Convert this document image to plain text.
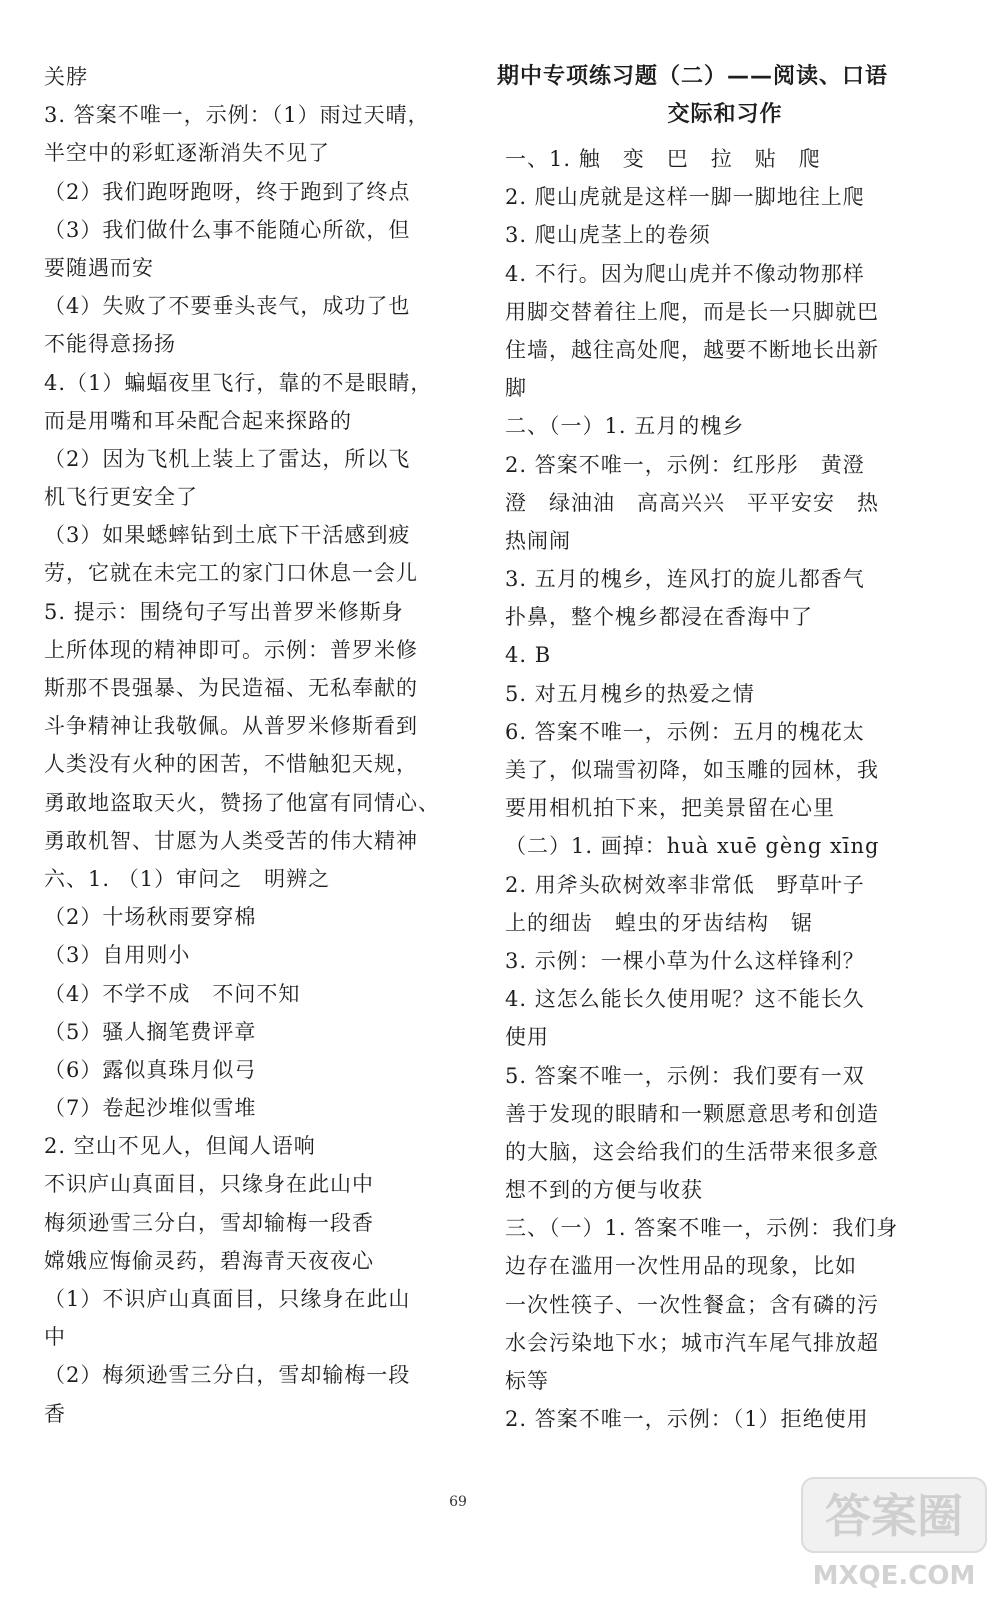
关脖
3. 答案不唯一，示例：（1）雨过天晴，
半空中的彩虹逐渐消失不见了
（2）我们跑呀跑呀，终于跑到了终点
（3）我们做什么事不能随心所欲，但
要随遇而安
（4）失败了不要垂头丧气，成功了也
不能得意扬扬
4.（1）蝙蝠夜里飞行，靠的不是眼睛，
而是用嘴和耳朵配合起来探路的
（2）因为飞机上装上了雷达，所以飞
机飞行更安全了
（3）如果蟋蟀钻到土底下干活感到疲
劳，它就在未完工的家门口休息一会儿
5. 提示：围绕句子写出普罗米修斯身
上所体现的精神即可。示例：普罗米修
斯那不畏强暴、为民造福、无私奉献的
斗争精神让我敬佩。从普罗米修斯看到
人类没有火种的困苦，不惜触犯天规，
勇敢地盗取天火，赞扬了他富有同情心、
勇敢机智、甘愿为人类受苦的伟大精神
六、1. （1）审问之　明辨之
（2）十场秋雨要穿棉
（3）自用则小
（4）不学不成　不问不知
（5）骚人搁笔费评章
（6）露似真珠月似弓
（7）卷起沙堆似雪堆
2. 空山不见人，但闻人语响
不识庐山真面目，只缘身在此山中
梅须逊雪三分白，雪却输梅一段香
嫦娥应悔偷灵药，碧海青天夜夜心
（1）不识庐山真面目，只缘身在此山
中
（2）梅须逊雪三分白，雪却输梅一段
香
期中专项练习题（二）——阅读、口语
交际和习作
一、1. 触　变　巴　拉　贴　爬
2. 爬山虎就是这样一脚一脚地往上爬
3. 爬山虎茎上的卷须
4. 不行。因为爬山虎并不像动物那样
用脚交替着往上爬，而是长一只脚就巴
住墙，越往高处爬，越要不断地长出新
脚
二、（一）1. 五月的槐乡
2. 答案不唯一，示例：红彤彤　黄澄
澄　绿油油　高高兴兴　平平安安　热
热闹闹
3. 五月的槐乡，连风打的旋儿都香气
扑鼻，整个槐乡都浸在香海中了
4. B
5. 对五月槐乡的热爱之情
6. 答案不唯一，示例：五月的槐花太
美了，似瑞雪初降，如玉雕的园林，我
要用相机拍下来，把美景留在心里
（二）1. 画掉：huà xuē gèng xīng
2. 用斧头砍树效率非常低　野草叶子
上的细齿　蝗虫的牙齿结构　锯
3. 示例：一棵小草为什么这样锋利？
4. 这怎么能长久使用呢？这不能长久
使用
5. 答案不唯一，示例：我们要有一双
善于发现的眼睛和一颗愿意思考和创造
的大脑，这会给我们的生活带来很多意
想不到的方便与收获
三、（一）1. 答案不唯一，示例：我们身
边存在滥用一次性用品的现象，比如
一次性筷子、一次性餐盒；含有磷的污
水会污染地下水；城市汽车尾气排放超
标等
2. 答案不唯一，示例：（1）拒绝使用
69	答案圈
MXQE.COM
